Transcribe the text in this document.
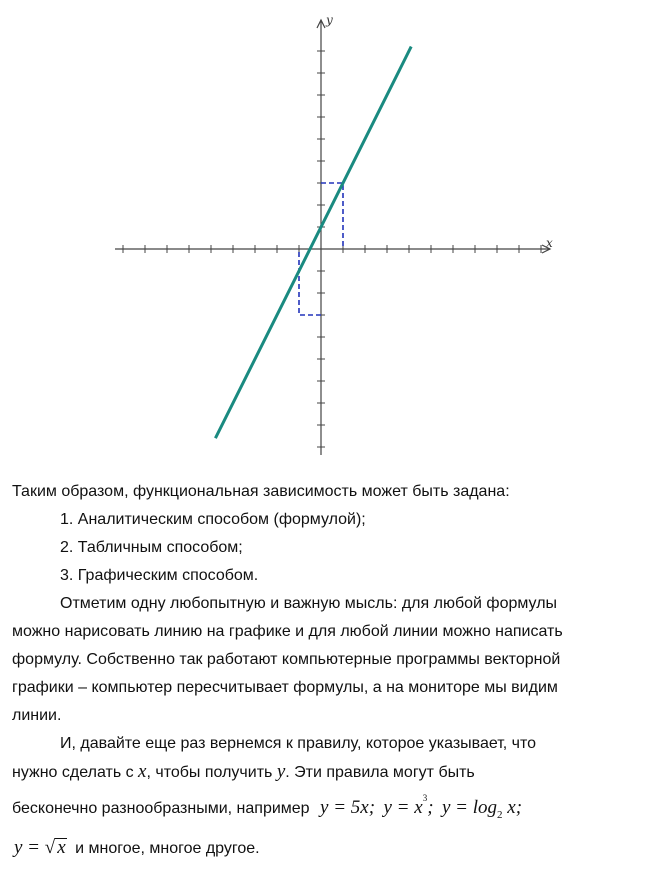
x
y
Таким образом, функциональная зависимость может быть задана:
1. Аналитическим способом (формулой);
2. Табличным способом;
3. Графическим способом.
Отметим одну любопытную и важную мысль: для любой формулы
можно нарисовать линию на графике и для любой линии можно написать
формулу. Собственно так работают компьютерные программы векторной
графики – компьютер пересчитывает формулы, а на мониторе мы видим
линии.
И, давайте еще раз вернемся к правилу, которое указывает, что
нужно сделать с x, чтобы получить y. Эти правила могут быть
бесконечно разнообразными, например y = 5x; $y = x^3$; $y = \log_2 x$;
y = √ x и многое, многое другое.
